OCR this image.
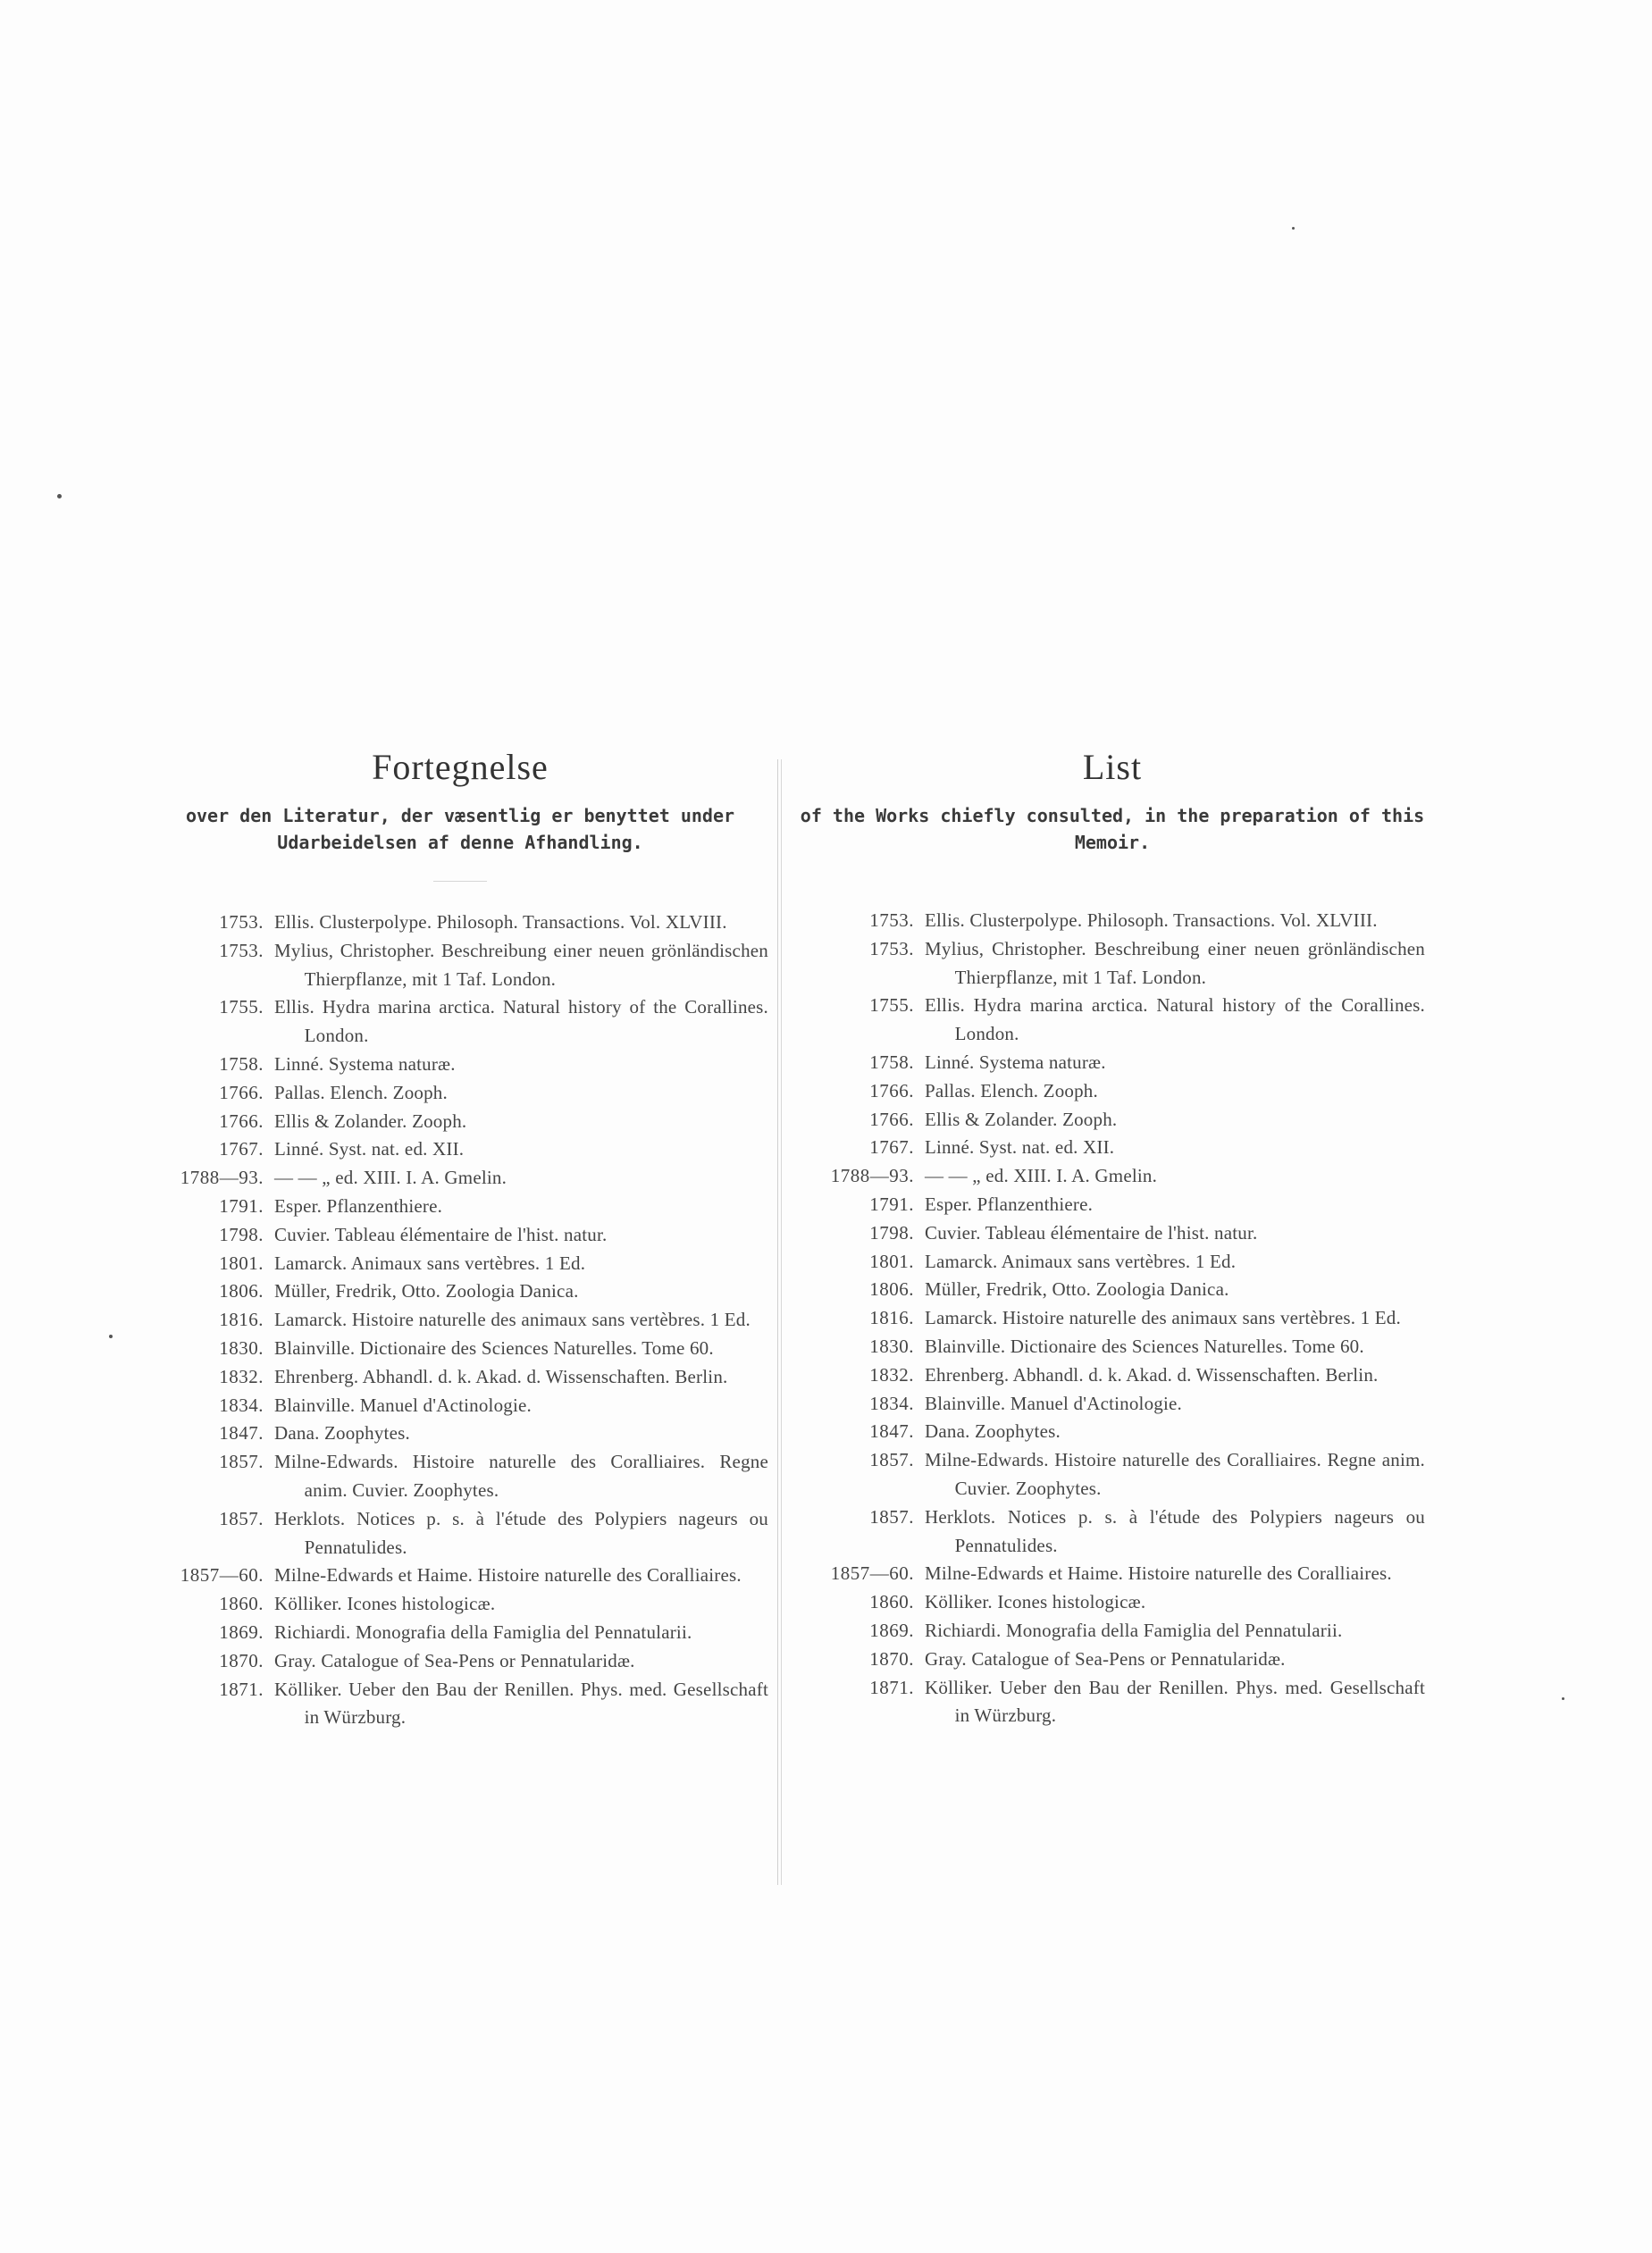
Fortegnelse

over den Literatur, der væsentlig er benyttet under Udarbeidelsen af denne Afhandling.

1753. Ellis. Clusterpolype. Philosoph. Transactions. Vol. XLVIII.
1753. Mylius, Christopher. Beschreibung einer neuen grönländischen Thierpflanze, mit 1 Taf. London.
1755. Ellis. Hydra marina arctica. Natural history of the Corallines. London.
1758. Linné. Systema naturæ.
1766. Pallas. Elench. Zooph.
1766. Ellis & Zolander. Zooph.
1767. Linné. Syst. nat. ed. XII.
1788—93. — — „ ed. XIII. I. A. Gmelin.
1791. Esper. Pflanzenthiere.
1798. Cuvier. Tableau élémentaire de l'hist. natur.
1801. Lamarck. Animaux sans vertèbres. 1 Ed.
1806. Müller, Fredrik, Otto. Zoologia Danica.
1816. Lamarck. Histoire naturelle des animaux sans vertèbres. 1 Ed.
1830. Blainville. Dictionaire des Sciences Naturelles. Tome 60.
1832. Ehrenberg. Abhandl. d. k. Akad. d. Wissenschaften. Berlin.
1834. Blainville. Manuel d'Actinologie.
1847. Dana. Zoophytes.
1857. Milne-Edwards. Histoire naturelle des Coralliaires. Regne anim. Cuvier. Zoophytes.
1857. Herklots. Notices p. s. à l'étude des Polypiers nageurs ou Pennatulides.
1857—60. Milne-Edwards et Haime. Histoire naturelle des Coralliaires.
1860. Kölliker. Icones histologicæ.
1869. Richiardi. Monografia della Famiglia del Pennatularii.
1870. Gray. Catalogue of Sea-Pens or Pennatularidæ.
1871. Kölliker. Ueber den Bau der Renillen. Phys. med. Gesellschaft in Würzburg.
List

of the Works chiefly consulted, in the preparation of this Memoir.

1753. Ellis. Clusterpolype. Philosoph. Transactions. Vol. XLVIII.
1753. Mylius, Christopher. Beschreibung einer neuen grönländischen Thierpflanze, mit 1 Taf. London.
1755. Ellis. Hydra marina arctica. Natural history of the Corallines. London.
1758. Linné. Systema naturæ.
1766. Pallas. Elench. Zooph.
1766. Ellis & Zolander. Zooph.
1767. Linné. Syst. nat. ed. XII.
1788—93. — — „ ed. XIII. I. A. Gmelin.
1791. Esper. Pflanzenthiere.
1798. Cuvier. Tableau élémentaire de l'hist. natur.
1801. Lamarck. Animaux sans vertèbres. 1 Ed.
1806. Müller, Fredrik, Otto. Zoologia Danica.
1816. Lamarck. Histoire naturelle des animaux sans vertèbres. 1 Ed.
1830. Blainville. Dictionaire des Sciences Naturelles. Tome 60.
1832. Ehrenberg. Abhandl. d. k. Akad. d. Wissenschaften. Berlin.
1834. Blainville. Manuel d'Actinologie.
1847. Dana. Zoophytes.
1857. Milne-Edwards. Histoire naturelle des Coralliaires. Regne anim. Cuvier. Zoophytes.
1857. Herklots. Notices p. s. à l'étude des Polypiers nageurs ou Pennatulides.
1857—60. Milne-Edwards et Haime. Histoire naturelle des Coralliaires.
1860. Kölliker. Icones histologicæ.
1869. Richiardi. Monografia della Famiglia del Pennatularii.
1870. Gray. Catalogue of Sea-Pens or Pennatularidæ.
1871. Kölliker. Ueber den Bau der Renillen. Phys. med. Gesellschaft in Würzburg.
